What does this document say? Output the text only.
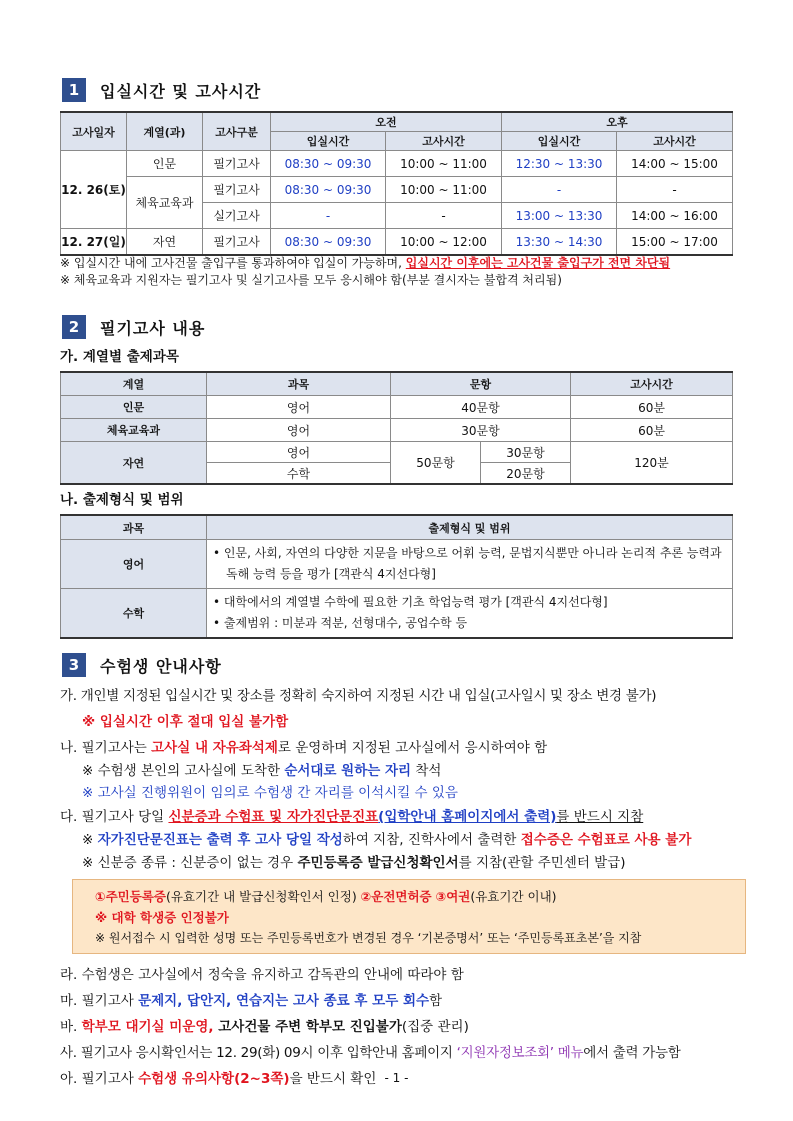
1	입실시간 및 고사시간
고사일자	계열(과)	고사구분	오전		오후	
			입실시간	고사시간	입실시간	고사시간
12. 26(토)	인문	필기고사	08:30 ~ 09:30	10:00 ~ 11:00	12:30 ~ 13:30	14:00 ~ 15:00
	체육교육과	필기고사	08:30 ~ 09:30	10:00 ~ 11:00	-	-
		실기고사	-	-	13:00 ~ 13:30	14:00 ~ 16:00
12. 27(일)	자연	필기고사	08:30 ~ 09:30	10:00 ~ 12:00	13:30 ~ 14:30	15:00 ~ 17:00
※ 입실시간 내에 고사건물 출입구를 통과하여야 입실이 가능하며, 입실시간 이후에는 고사건물 출입구가 전면 차단됨
※ 체육교육과 지원자는 필기고사 및 실기고사를 모두 응시해야 함(부분 결시자는 불합격 처리됨)
2	필기고사 내용
가. 계열별 출제과목
계열	과목	문항		고사시간
인문	영어	40문항		60분
체육교육과	영어	30문항		60분
자연	영어	50문항	30문항	120분
	수학		20문항	
나. 출제형식 및 범위
과목	출제형식 및 범위
영어	• 인문, 사회, 자연의 다양한 지문을 바탕으로 어휘 능력, 문법지식뿐만 아니라 논리적 추론 능력과 독해 능력 등을 평가 [객관식 4지선다형]

수학	• 대학에서의 계열별 수학에 필요한 기초 학업능력 평가 [객관식 4지선다형]
• 출제범위 : 미분과 적분, 선형대수, 공업수학 등
3	수험생 안내사항
가. 개인별 지정된 입실시간 및 장소를 정확히 숙지하여 지정된 시간 내 입실(고사일시 및 장소 변경 불가)
※ 입실시간 이후 절대 입실 불가함
나. 필기고사는 고사실 내 자유좌석제로 운영하며 지정된 고사실에서 응시하여야 함
※ 수험생 본인의 고사실에 도착한 순서대로 원하는 자리 착석
※ 고사실 진행위원이 임의로 수험생 간 자리를 이석시킬 수 있음
다. 필기고사 당일 신분증과 수험표 및 자가진단문진표(입학안내 홈페이지에서 출력)를 반드시 지참
※ 자가진단문진표는 출력 후 고사 당일 작성하여 지참, 진학사에서 출력한 접수증은 수험표로 사용 불가
※ 신분증 종류 : 신분증이 없는 경우 주민등록증 발급신청확인서를 지참(관할 주민센터 발급)
①주민등록증(유효기간 내 발급신청확인서 인정) ②운전면허증 ③여권(유효기간 이내)
※ 대학 학생증 인정불가
※ 원서접수 시 입력한 성명 또는 주민등록번호가 변경된 경우 ‘기본증명서’ 또는 ‘주민등록표초본’을 지참
라. 수험생은 고사실에서 정숙을 유지하고 감독관의 안내에 따라야 함
마. 필기고사 문제지, 답안지, 연습지는 고사 종료 후 모두 회수함
바. 학부모 대기실 미운영, 고사건물 주변 학부모 진입불가(집중 관리)
사. 필기고사 응시확인서는 12. 29(화) 09시 이후 입학안내 홈페이지 ‘지원자정보조회’ 메뉴에서 출력 가능함
아. 필기고사 수험생 유의사항(2~3쪽)을 반드시 확인 - 1 -
